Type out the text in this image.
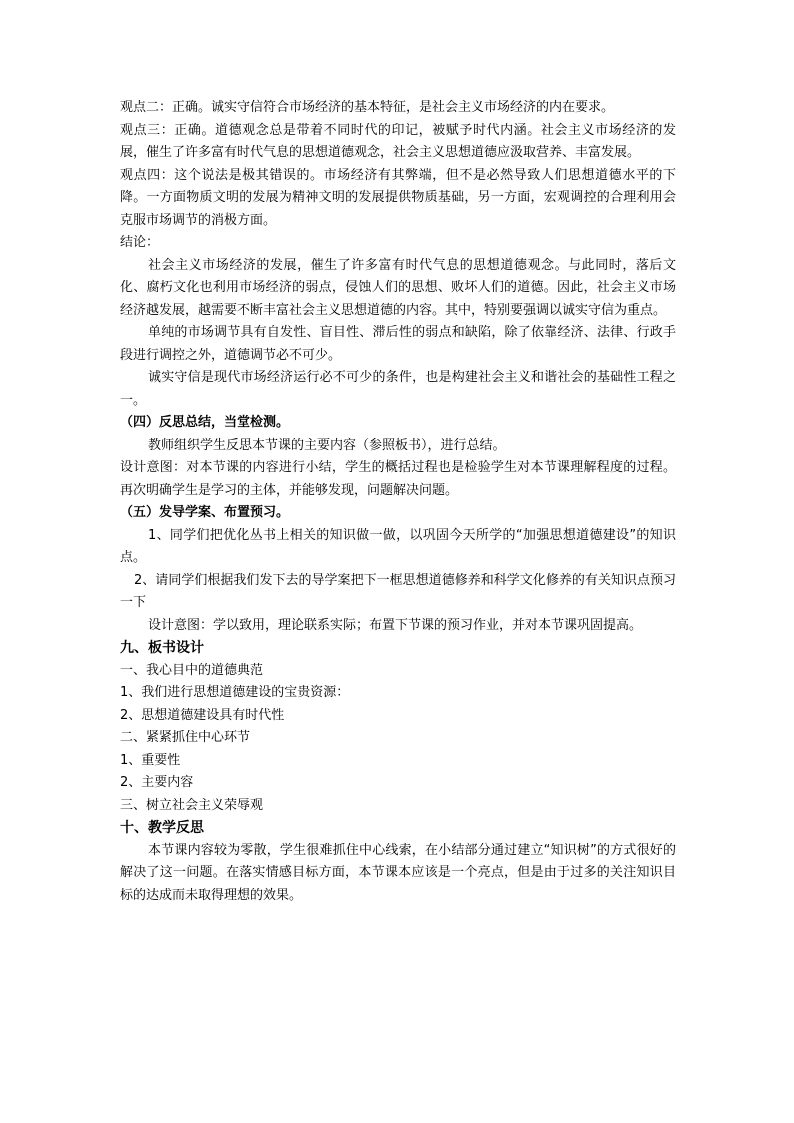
观点二：正确。诚实守信符合市场经济的基本特征，是社会主义市场经济的内在要求。

观点三：正确。道德观念总是带着不同时代的印记，被赋予时代内涵。社会主义市场经济的发展，催生了许多富有时代气息的思想道德观念，社会主义思想道德应汲取营养、丰富发展。

观点四：这个说法是极其错误的。市场经济有其弊端，但不是必然导致人们思想道德水平的下降。一方面物质文明的发展为精神文明的发展提供物质基础，另一方面，宏观调控的合理利用会克服市场调节的消极方面。

结论：

社会主义市场经济的发展，催生了许多富有时代气息的思想道德观念。与此同时，落后文化、腐朽文化也利用市场经济的弱点，侵蚀人们的思想、败坏人们的道德。因此，社会主义市场经济越发展，越需要不断丰富社会主义思想道德的内容。其中，特别要强调以诚实守信为重点。

单纯的市场调节具有自发性、盲目性、滞后性的弱点和缺陷，除了依靠经济、法律、行政手段进行调控之外，道德调节必不可少。

诚实守信是现代市场经济运行必不可少的条件，也是构建社会主义和谐社会的基础性工程之一。

（四）反思总结，当堂检测。

教师组织学生反思本节课的主要内容（参照板书），进行总结。

设计意图：对本节课的内容进行小结，学生的概括过程也是检验学生对本节课理解程度的过程。再次明确学生是学习的主体，并能够发现，问题解决问题。

（五）发导学案、布置预习。

1、同学们把优化丛书上相关的知识做一做，以巩固今天所学的“加强思想道德建设”的知识点。

2、请同学们根据我们发下去的导学案把下一框思想道德修养和科学文化修养的有关知识点预习一下

设计意图：学以致用，理论联系实际；布置下节课的预习作业，并对本节课巩固提高。

九、板书设计

一、我心目中的道德典范

1、我们进行思想道德建设的宝贵资源：

2、思想道德建设具有时代性

二、紧紧抓住中心环节

1、重要性

2、主要内容

三、树立社会主义荣辱观

十、教学反思

本节课内容较为零散，学生很难抓住中心线索，在小结部分通过建立“知识树”的方式很好的解决了这一问题。在落实情感目标方面，本节课本应该是一个亮点，但是由于过多的关注知识目标的达成而未取得理想的效果。
